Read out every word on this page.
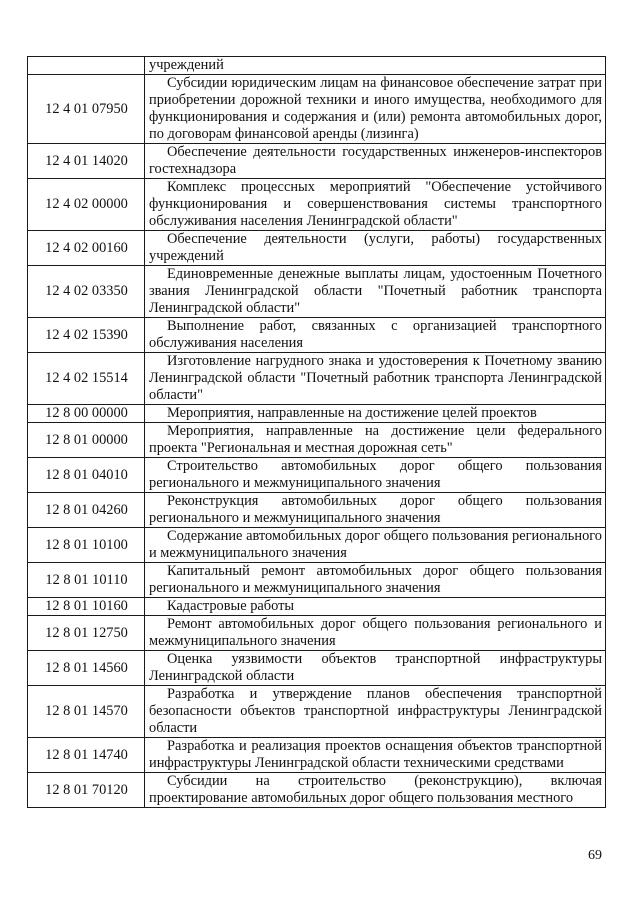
	учреждений
12 4 01 07950	Субсидии юридическим лицам на финансовое обеспечение затрат при приобретении дорожной техники и иного имущества, необходимого для функционирования и содержания и (или) ремонта автомобильных дорог, по договорам финансовой аренды (лизинга)
12 4 01 14020	Обеспечение деятельности государственных инженеров-инспекторов гостехнадзора
12 4 02 00000	Комплекс процессных мероприятий "Обеспечение устойчивого функционирования и совершенствования системы транспортного обслуживания населения Ленинградской области"
12 4 02 00160	Обеспечение деятельности (услуги, работы) государственных учреждений
12 4 02 03350	Единовременные денежные выплаты лицам, удостоенным Почетного звания Ленинградской области "Почетный работник транспорта Ленинградской области"
12 4 02 15390	Выполнение работ, связанных с организацией транспортного обслуживания населения
12 4 02 15514	Изготовление нагрудного знака и удостоверения к Почетному званию Ленинградской области "Почетный работник транспорта Ленинградской области"
12 8 00 00000	Мероприятия, направленные на достижение целей проектов
12 8 01 00000	Мероприятия, направленные на достижение цели федерального проекта "Региональная и местная дорожная сеть"
12 8 01 04010	Строительство автомобильных дорог общего пользования регионального и межмуниципального значения
12 8 01 04260	Реконструкция автомобильных дорог общего пользования регионального и межмуниципального значения
12 8 01 10100	Содержание автомобильных дорог общего пользования регионального и межмуниципального значения
12 8 01 10110	Капитальный ремонт автомобильных дорог общего пользования регионального и межмуниципального значения
12 8 01 10160	Кадастровые работы
12 8 01 12750	Ремонт автомобильных дорог общего пользования регионального и межмуниципального значения
12 8 01 14560	Оценка уязвимости объектов транспортной инфраструктуры Ленинградской области
12 8 01 14570	Разработка и утверждение планов обеспечения транспортной безопасности объектов транспортной инфраструктуры Ленинградской области
12 8 01 14740	Разработка и реализация проектов оснащения объектов транспортной инфраструктуры Ленинградской области техническими средствами
12 8 01 70120	Субсидии на строительство (реконструкцию), включая проектирование автомобильных дорог общего пользования местного
69
